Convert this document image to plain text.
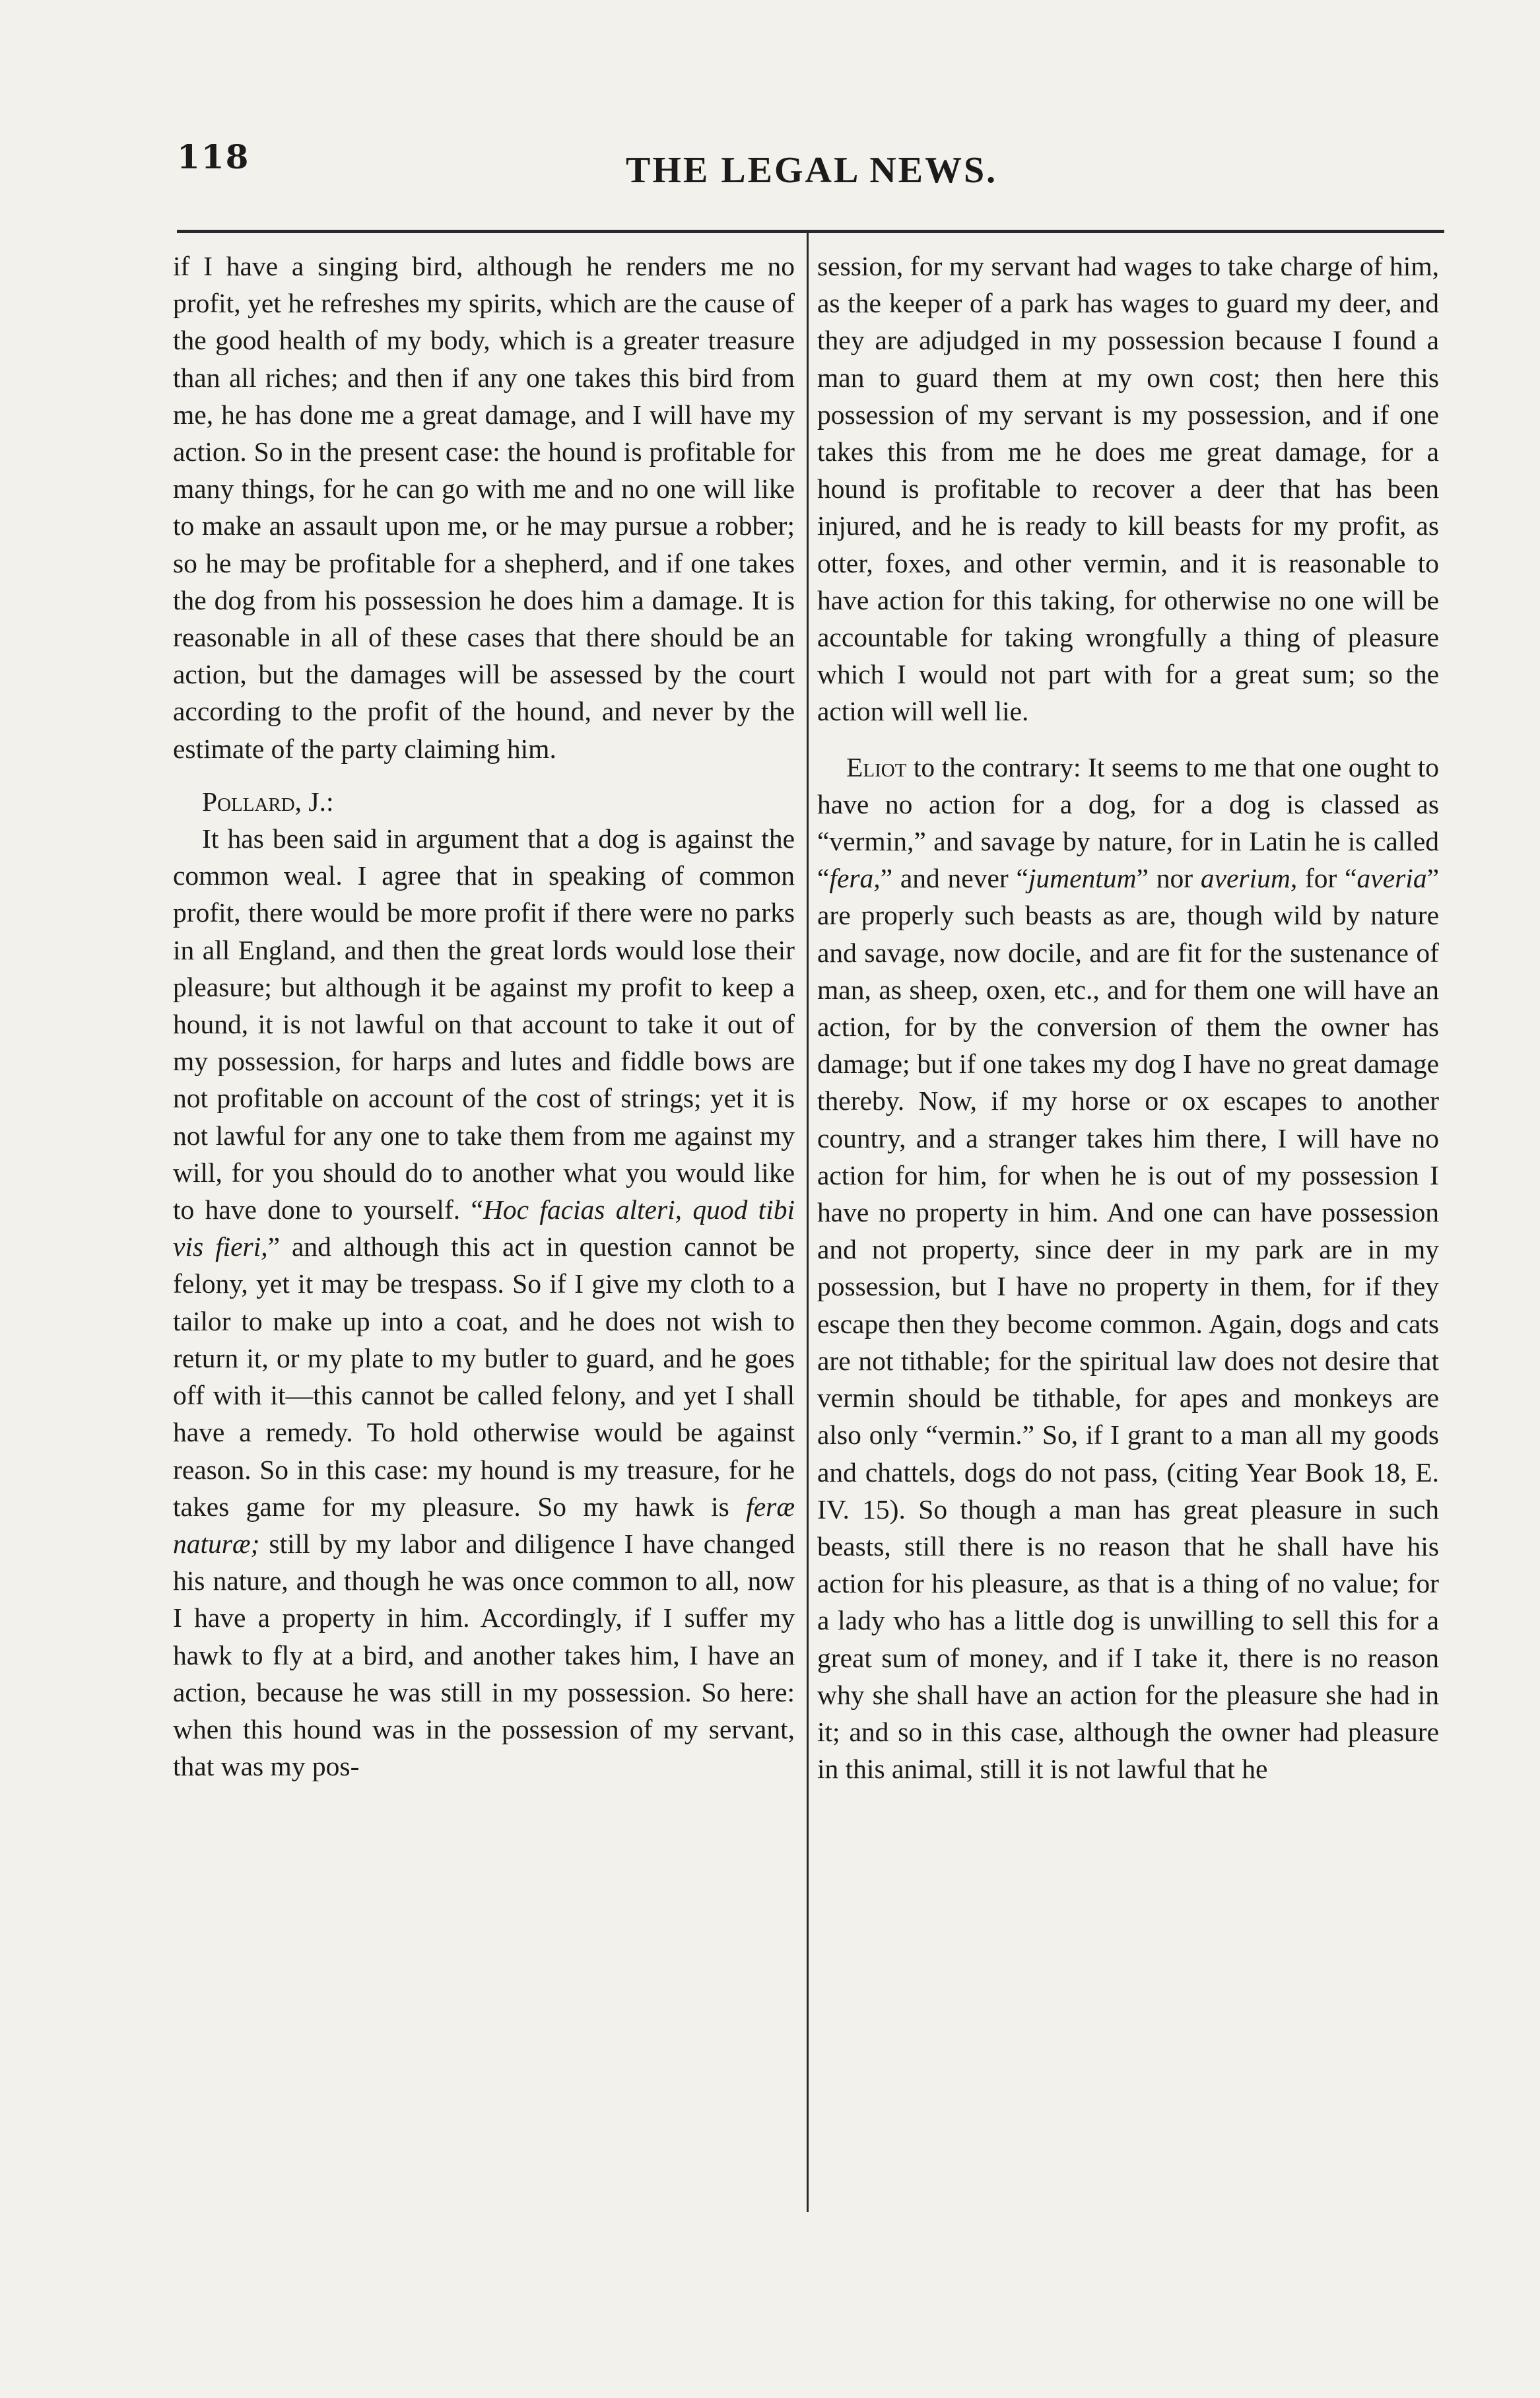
118	THE LEGAL NEWS.

if I have a singing bird, although he renders me no profit, yet he refreshes my spirits, which are the cause of the good health of my body, which is a greater treasure than all riches; and then if any one takes this bird from me, he has done me a great damage, and I will have my action. So in the present case: the hound is profitable for many things, for he can go with me and no one will like to make an assault upon me, or he may pursue a robber; so he may be profitable for a shepherd, and if one takes the dog from his possession he does him a damage. It is reasonable in all of these cases that there should be an action, but the damages will be assessed by the court according to the profit of the hound, and never by the estimate of the party claiming him.

Pollard, J.:

It has been said in argument that a dog is against the common weal. I agree that in speaking of common profit, there would be more profit if there were no parks in all England, and then the great lords would lose their pleasure; but although it be against my profit to keep a hound, it is not lawful on that account to take it out of my possession, for harps and lutes and fiddle bows are not profitable on account of the cost of strings; yet it is not lawful for any one to take them from me against my will, for you should do to another what you would like to have done to yourself. “Hoc facias alteri, quod tibi vis fieri,” and although this act in question cannot be felony, yet it may be trespass. So if I give my cloth to a tailor to make up into a coat, and he does not wish to return it, or my plate to my butler to guard, and he goes off with it—this cannot be called felony, and yet I shall have a remedy. To hold otherwise would be against reason. So in this case: my hound is my treasure, for he takes game for my pleasure. So my hawk is feræ naturæ; still by my labor and diligence I have changed his nature, and though he was once common to all, now I have a property in him. Accordingly, if I suffer my hawk to fly at a bird, and another takes him, I have an action, because he was still in my possession. So here: when this hound was in the possession of my servant, that was my pos-

session, for my servant had wages to take charge of him, as the keeper of a park has wages to guard my deer, and they are adjudged in my possession because I found a man to guard them at my own cost; then here this possession of my servant is my possession, and if one takes this from me he does me great damage, for a hound is profitable to recover a deer that has been injured, and he is ready to kill beasts for my profit, as otter, foxes, and other vermin, and it is reasonable to have action for this taking, for otherwise no one will be accountable for taking wrongfully a thing of pleasure which I would not part with for a great sum; so the action will well lie.

Eliot to the contrary: It seems to me that one ought to have no action for a dog, for a dog is classed as “vermin,” and savage by nature, for in Latin he is called “fera,” and never “jumentum” nor averium, for “averia” are properly such beasts as are, though wild by nature and savage, now docile, and are fit for the sustenance of man, as sheep, oxen, etc., and for them one will have an action, for by the conversion of them the owner has damage; but if one takes my dog I have no great damage thereby. Now, if my horse or ox escapes to another country, and a stranger takes him there, I will have no action for him, for when he is out of my possession I have no property in him. And one can have possession and not property, since deer in my park are in my possession, but I have no property in them, for if they escape then they become common. Again, dogs and cats are not tithable; for the spiritual law does not desire that vermin should be tithable, for apes and monkeys are also only “vermin.” So, if I grant to a man all my goods and chattels, dogs do not pass, (citing Year Book 18, E. IV. 15). So though a man has great pleasure in such beasts, still there is no reason that he shall have his action for his pleasure, as that is a thing of no value; for a lady who has a little dog is unwilling to sell this for a great sum of money, and if I take it, there is no reason why she shall have an action for the pleasure she had in it; and so in this case, although the owner had pleasure in this animal, still it is not lawful that he
